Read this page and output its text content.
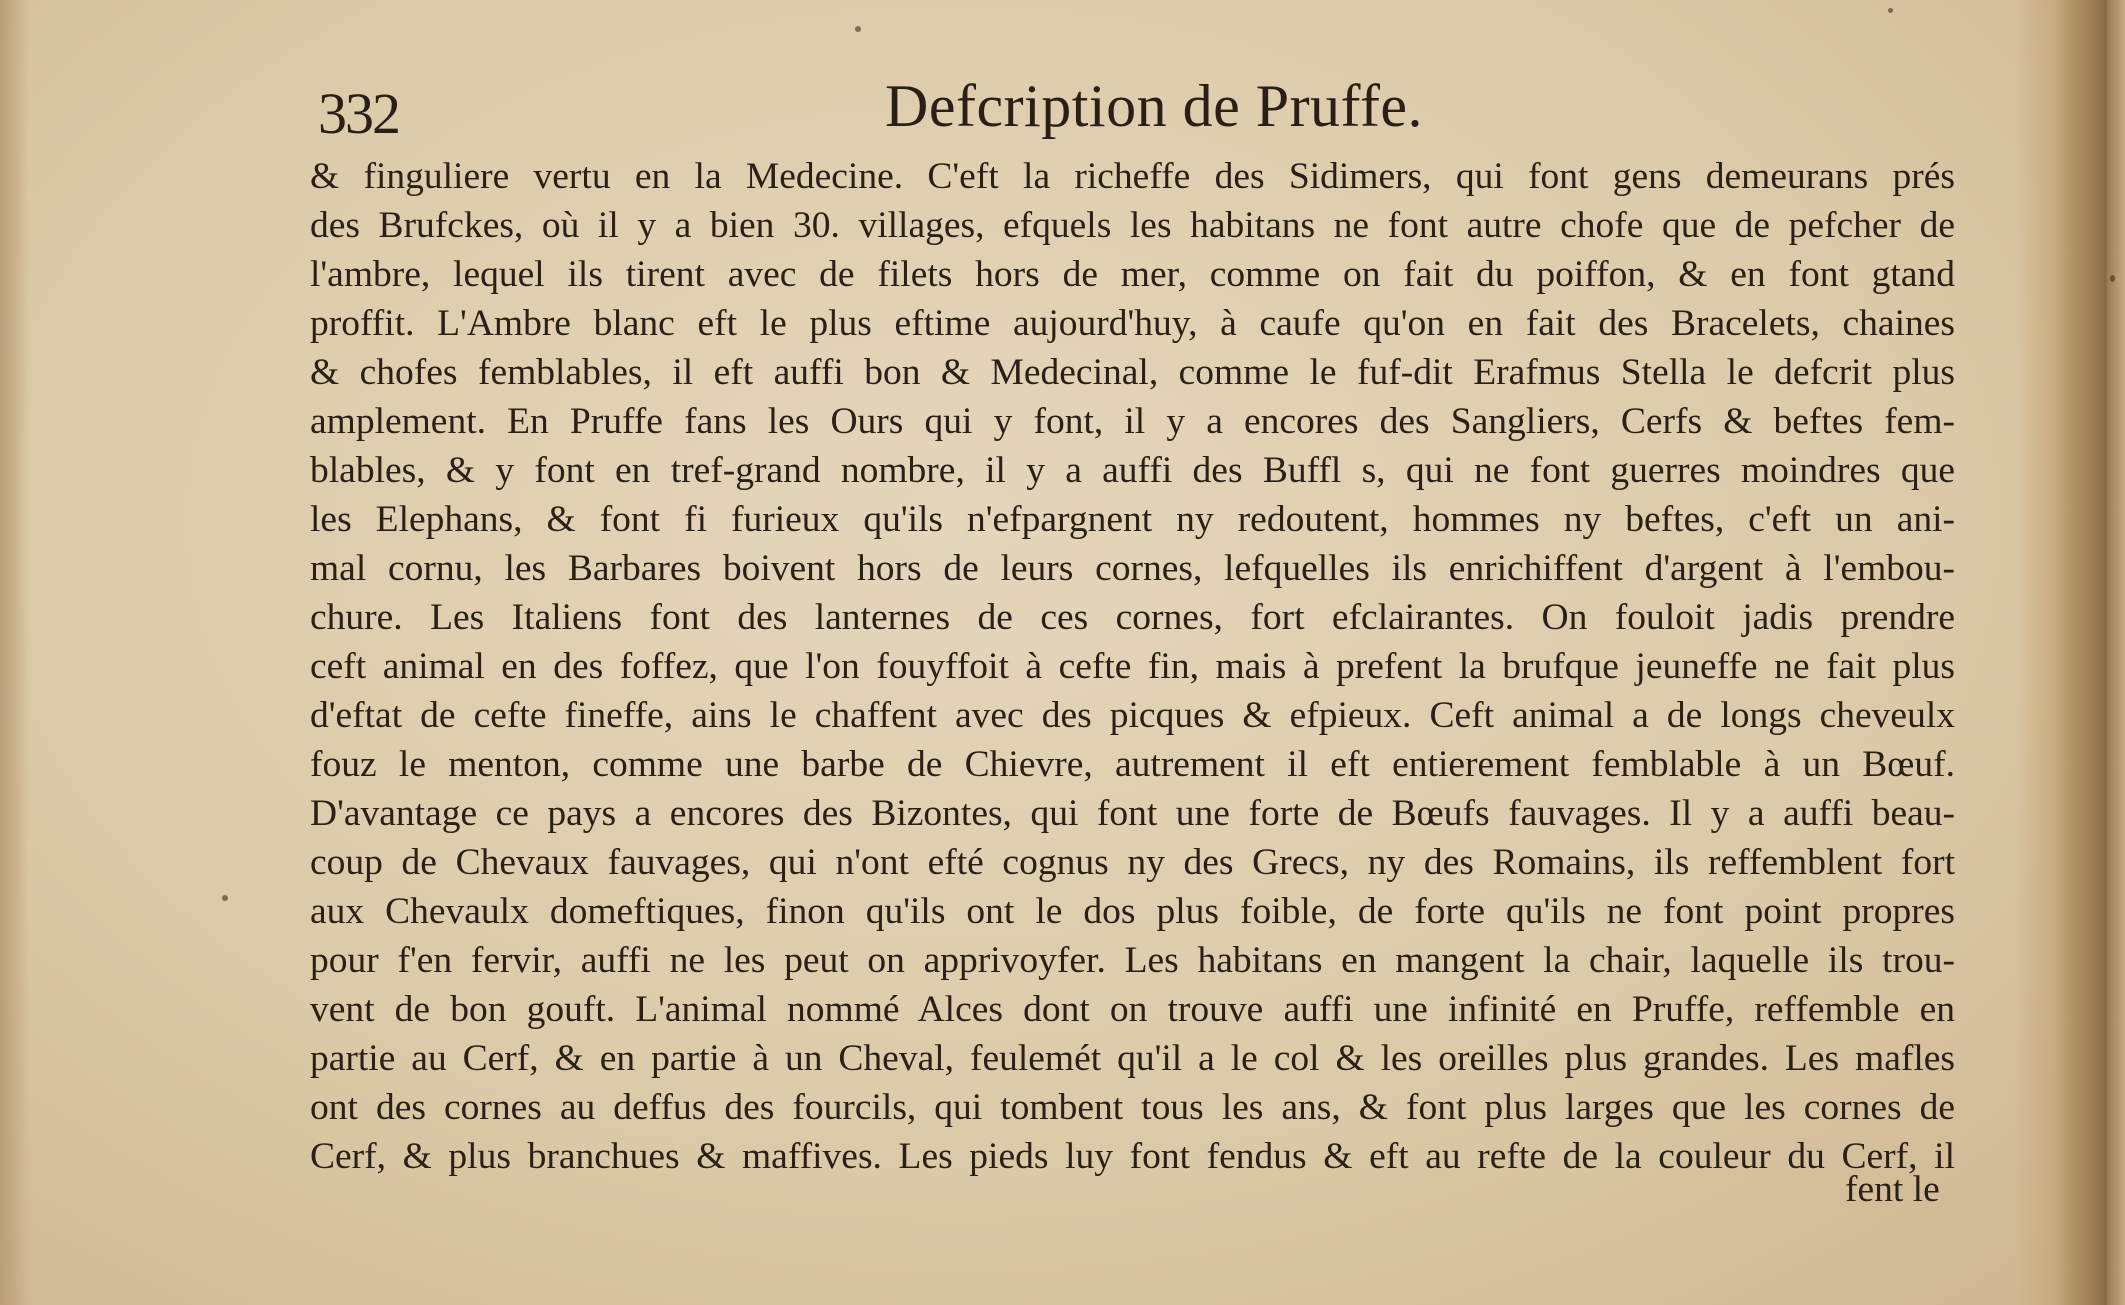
332	Defcription de Pruffe.
& finguliere vertu en la Medecine. C'eft la richeffe des Sidimers, qui font gens demeurans prés
des Brufckes, où il y a bien 30. villages, efquels les habitans ne font autre chofe que de pefcher de
l'ambre, lequel ils tirent avec de filets hors de mer, comme on fait du poiffon, & en font gtand
proffit. L'Ambre blanc eft le plus eftime aujourd'huy, à caufe qu'on en fait des Bracelets, chaines
& chofes femblables, il eft auffi bon & Medecinal, comme le fuf-dit Erafmus Stella le defcrit plus
amplement. En Pruffe fans les Ours qui y font, il y a encores des Sangliers, Cerfs & beftes fem-
blables, & y font en tref-grand nombre, il y a auffi des Buffl s, qui ne font guerres moindres que
les Elephans, & font fi furieux qu'ils n'efpargnent ny redoutent, hommes ny beftes, c'eft un ani-
mal cornu, les Barbares boivent hors de leurs cornes, lefquelles ils enrichiffent d'argent à l'embou-
chure. Les Italiens font des lanternes de ces cornes, fort efclairantes. On fouloit jadis prendre
ceft animal en des foffez, que l'on fouyffoit à cefte fin, mais à prefent la brufque jeuneffe ne fait plus
d'eftat de cefte fineffe, ains le chaffent avec des picques & efpieux. Ceft animal a de longs cheveulx
fouz le menton, comme une barbe de Chievre, autrement il eft entierement femblable à un Bœuf.
D'avantage ce pays a encores des Bizontes, qui font une forte de Bœufs fauvages. Il y a auffi beau-
coup de Chevaux fauvages, qui n'ont efté cognus ny des Grecs, ny des Romains, ils reffemblent fort
aux Chevaulx domeftiques, finon qu'ils ont le dos plus foible, de forte qu'ils ne font point propres
pour f'en fervir, auffi ne les peut on apprivoyfer. Les habitans en mangent la chair, laquelle ils trou-
vent de bon gouft. L'animal nommé Alces dont on trouve auffi une infinité en Pruffe, reffemble en
partie au Cerf, & en partie à un Cheval, feulemét qu'il a le col & les oreilles plus grandes. Les mafles
ont des cornes au deffus des fourcils, qui tombent tous les ans, & font plus larges que les cornes de
Cerf, & plus branchues & maffives. Les pieds luy font fendus & eft au refte de la couleur du Cerf, il
fent le
